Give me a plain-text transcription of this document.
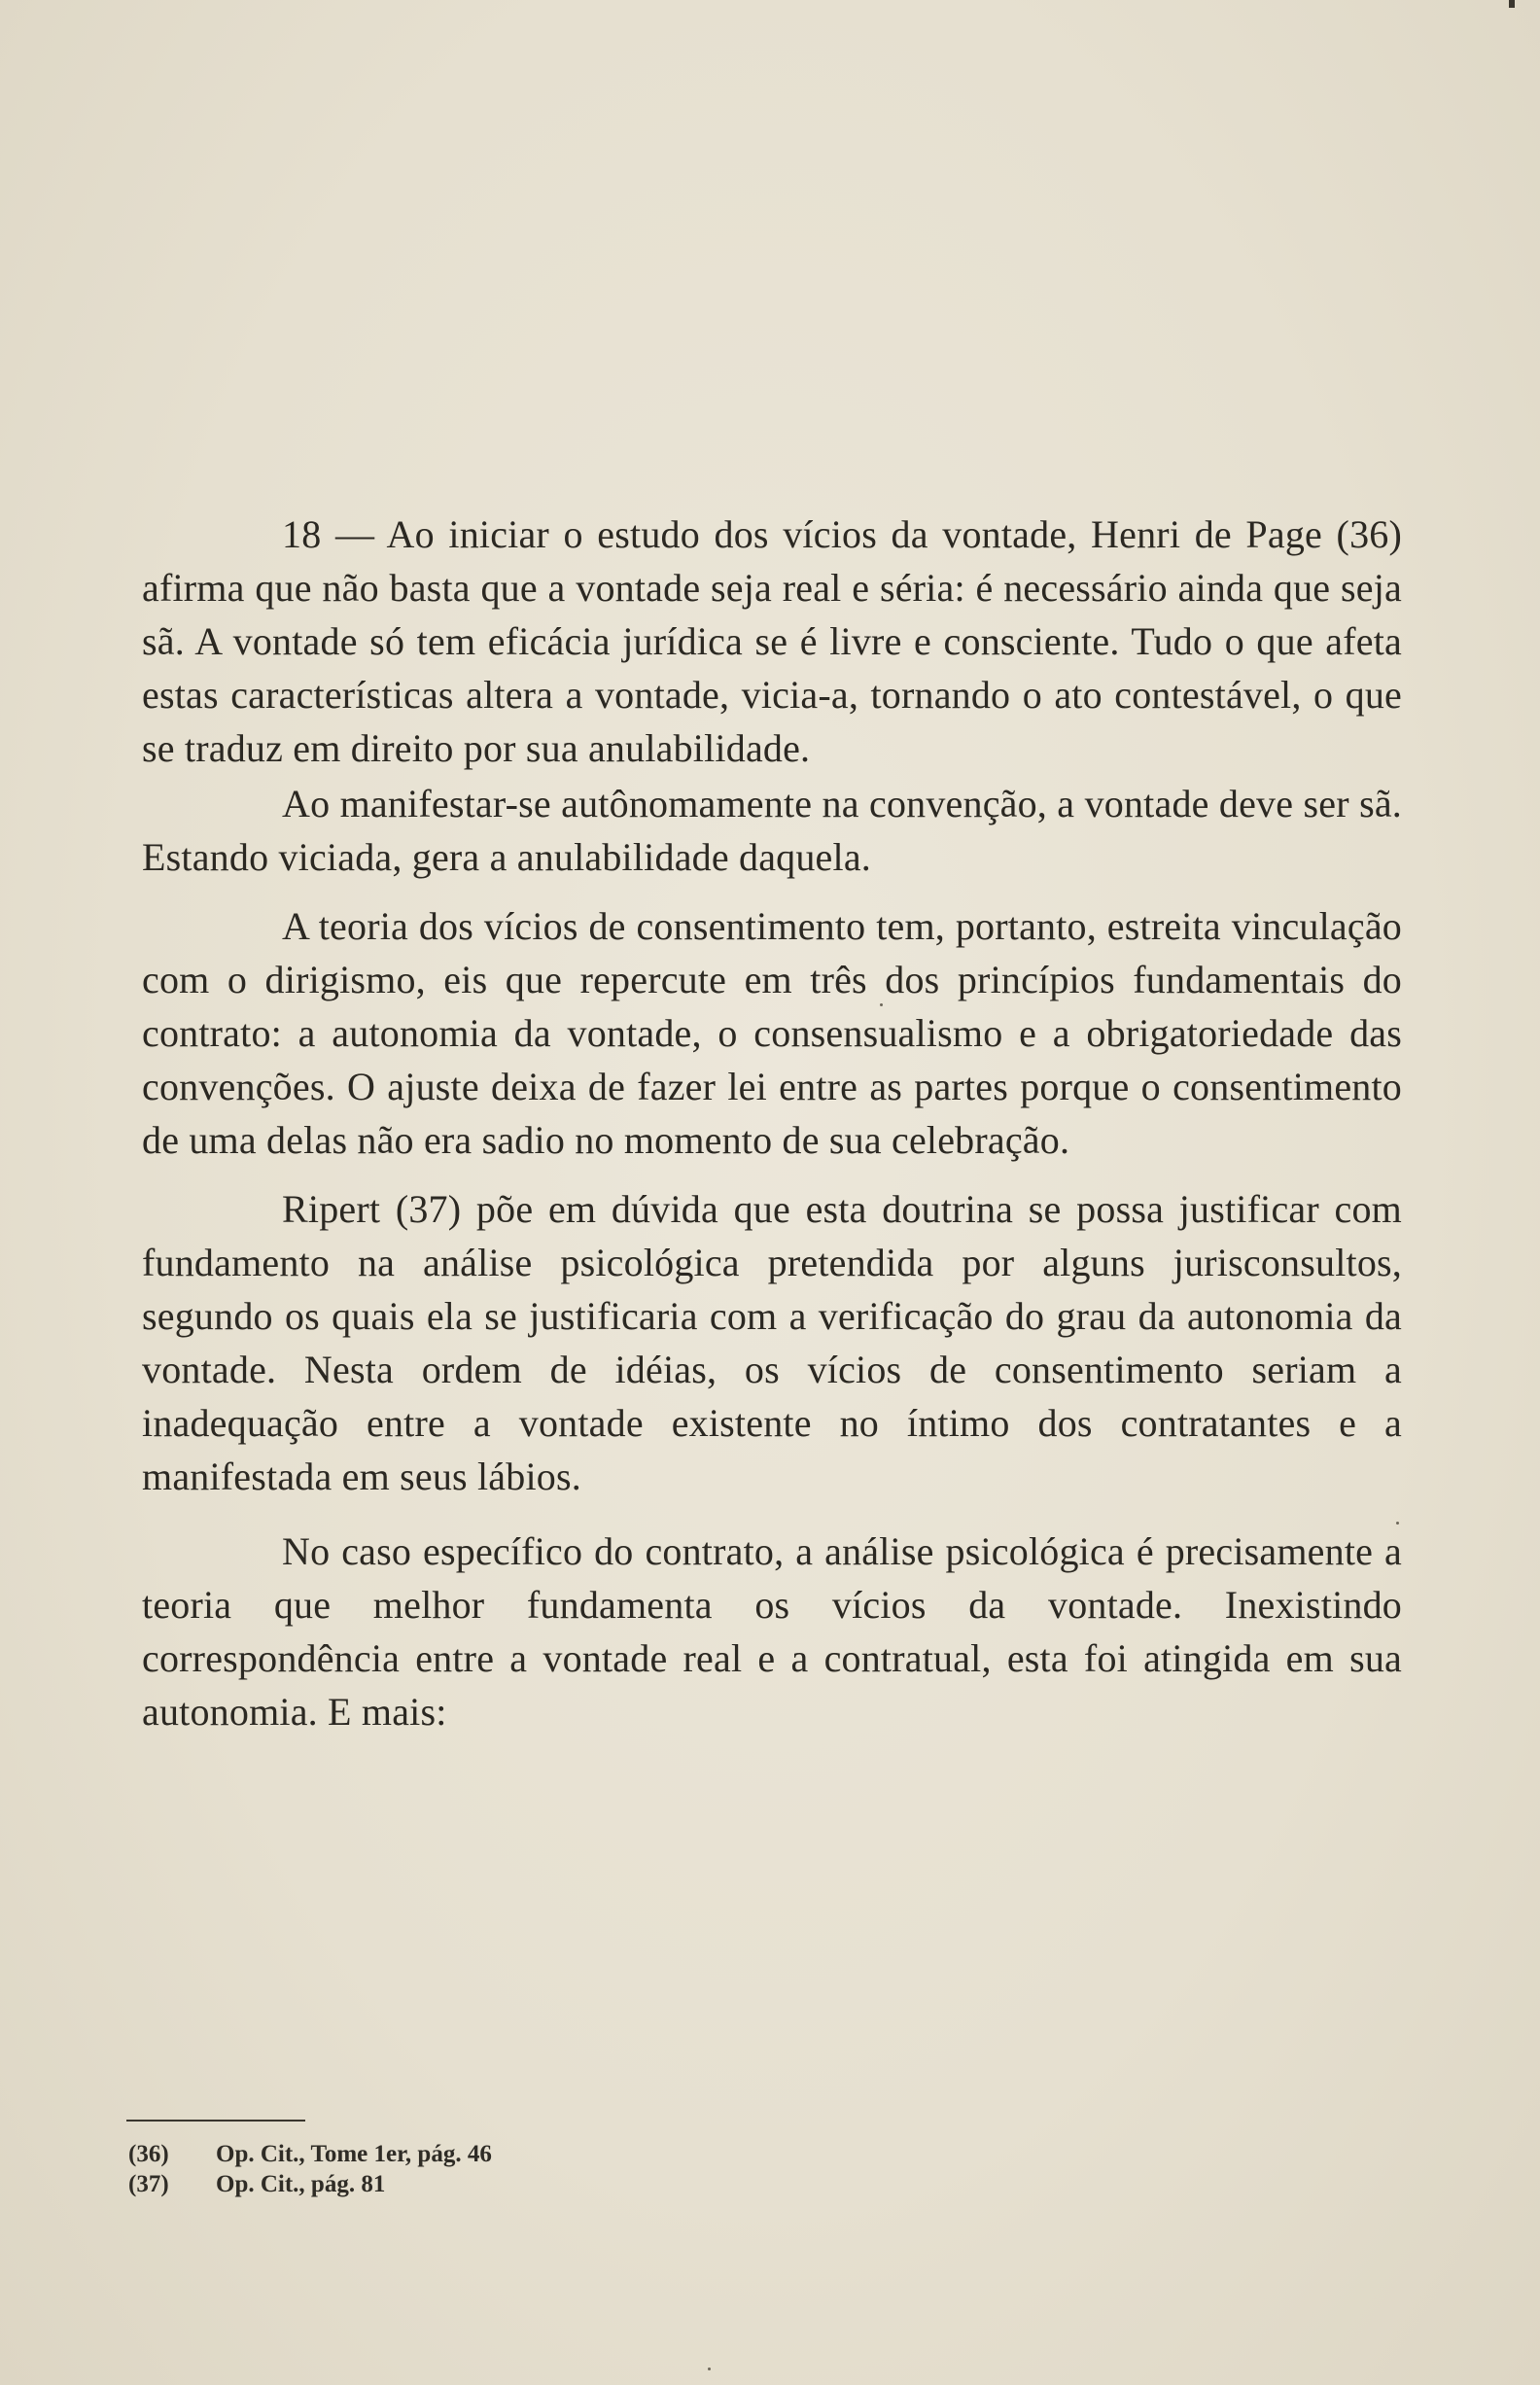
18 — Ao iniciar o estudo dos vícios da vontade, Henri de Page (36) afirma que não basta que a vontade seja real e séria: é necessário ainda que seja sã. A vontade só tem eficácia jurídica se é livre e consciente. Tudo o que afeta estas características altera a vontade, vicia-a, tornando o ato contestável, o que se traduz em direito por sua anulabilidade.

Ao manifestar-se autônomamente na convenção, a vontade deve ser sã. Estando viciada, gera a anulabilidade daquela.

A teoria dos vícios de consentimento tem, portanto, estreita vinculação com o dirigismo, eis que repercute em três dos princípios fundamentais do contrato: a autonomia da vontade, o consensualismo e a obrigatoriedade das convenções. O ajuste deixa de fazer lei entre as partes porque o consentimento de uma delas não era sadio no momento de sua celebração.

Ripert (37) põe em dúvida que esta doutrina se possa justificar com fundamento na análise psicológica pretendida por alguns jurisconsultos, segundo os quais ela se justificaria com a verificação do grau da autonomia da vontade. Nesta ordem de idéias, os vícios de consentimento seriam a inadequação entre a vontade existente no íntimo dos contratantes e a manifestada em seus lábios.

No caso específico do contrato, a análise psicológica é precisamente a teoria que melhor fundamenta os vícios da vontade. Inexistindo correspondência entre a vontade real e a contratual, esta foi atingida em sua autonomia. E mais:

(36)	Op. Cit., Tome 1er, pág. 46
(37)	Op. Cit., pág. 81
